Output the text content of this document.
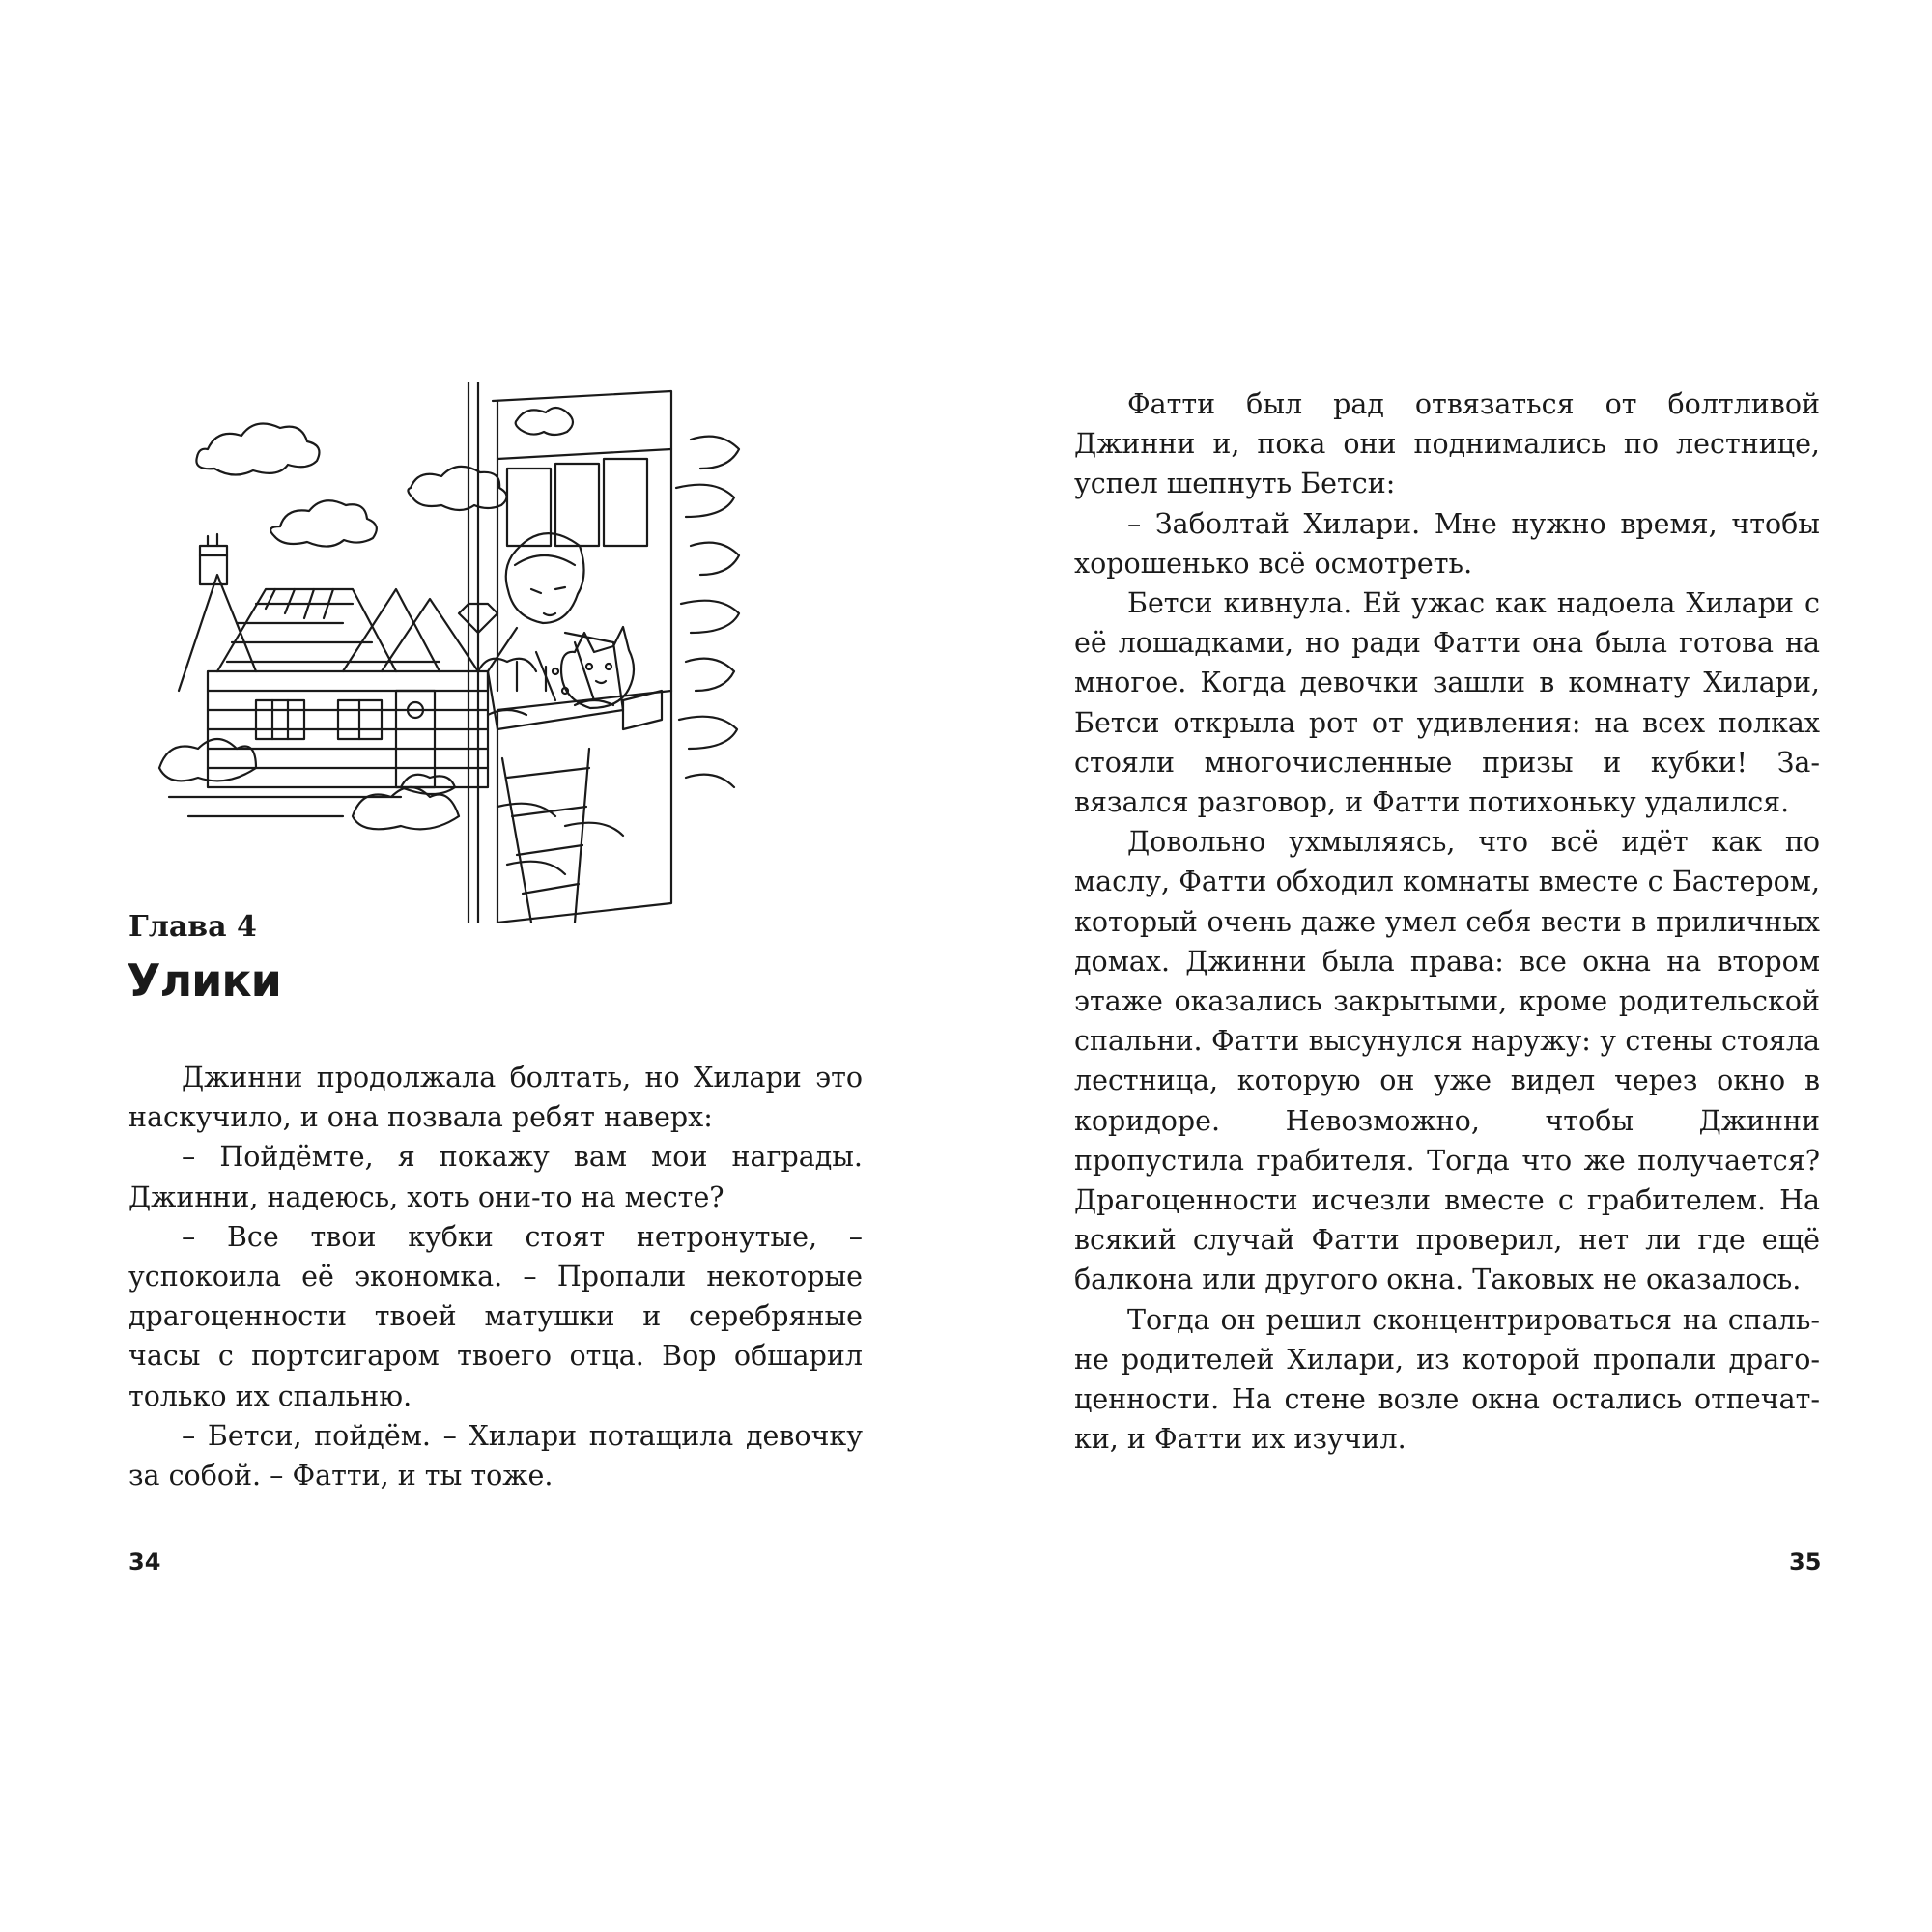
Глава 4
Улики

Джинни продолжала болтать, но Хилари это наскучило, и она позвала ребят наверх:

– Пойдёмте, я покажу вам мои награды. Джинни, надеюсь, хоть они-то на месте?

– Все твои кубки стоят нетронутые, – успокоила её экономка. – Пропали некоторые драгоценности твоей матушки и серебряные часы с портсигаром твоего отца. Вор обшарил только их спальню.

– Бетси, пойдём. – Хилари потащила девочку за собой. – Фатти, и ты тоже.

34

Фатти был рад отвязаться от болтливой Джинни и, пока они поднимались по лестнице, успел шепнуть Бетси:

– Заболтай Хилари. Мне нужно время, чтобы хорошенько всё осмотреть.

Бетси кивнула. Ей ужас как надоела Хилари с её лошадками, но ради Фатти она была готова на многое. Когда девочки зашли в комнату Хилари, Бетси открыла рот от удивления: на всех полках стояли многочисленные призы и кубки! Завязался разговор, и Фатти потихоньку удалился.

Довольно ухмыляясь, что всё идёт как по маслу, Фатти обходил комнаты вместе с Бастером, который очень даже умел себя вести в приличных домах. Джинни была права: все окна на втором этаже оказались закрытыми, кроме родительской спальни. Фатти высунулся наружу: у стены стояла лестница, которую он уже видел через окно в коридоре. Невозможно, чтобы Джинни пропустила грабителя. Тогда что же получается? Драгоценности исчезли вместе с грабителем. На всякий случай Фатти проверил, нет ли где ещё балкона или другого окна. Таковых не оказалось.

Тогда он решил сконцентрироваться на спальне родителей Хилари, из которой пропали драгоценности. На стене возле окна остались отпечатки, и Фатти их изучил.

35
